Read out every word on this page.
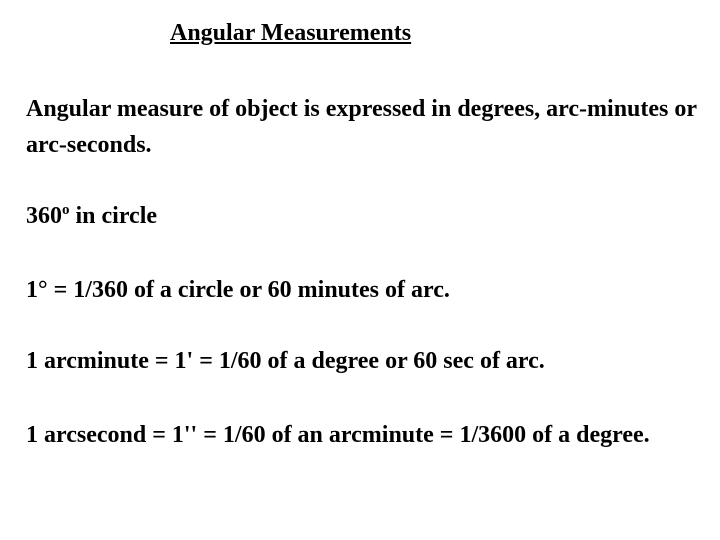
Angular Measurements
Angular measure of object is expressed in degrees, arc-minutes or arc-seconds.
360$^o$ in circle
1° = 1/360 of a circle or 60 minutes of arc.
1 arcminute = 1' = 1/60 of a degree or 60 sec of arc.
1 arcsecond = 1'' = 1/60 of an arcminute = 1/3600 of a degree.
